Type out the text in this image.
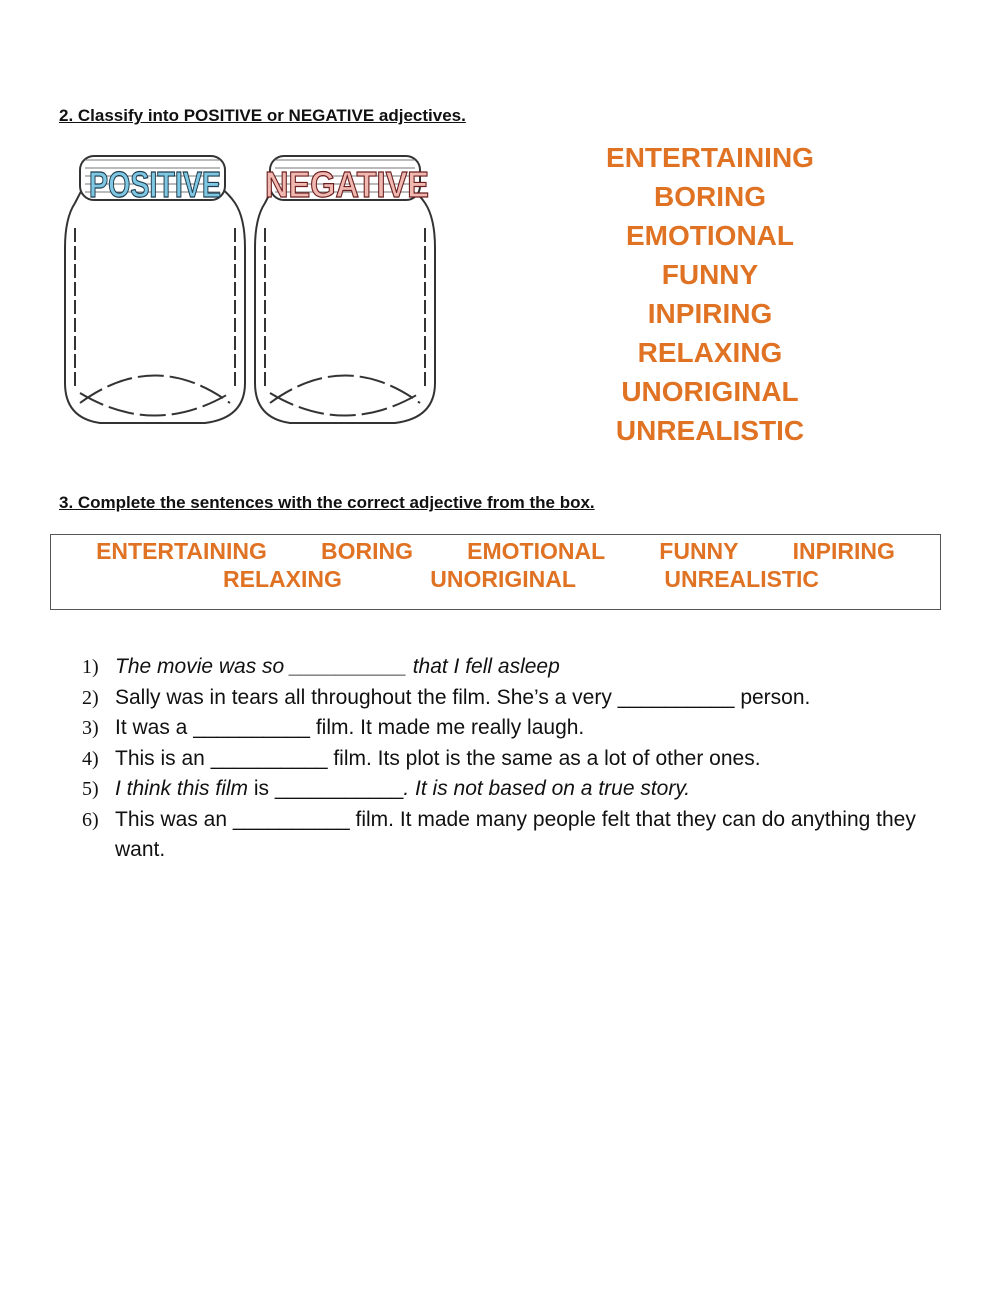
2. Classify into POSITIVE or NEGATIVE adjectives.
POSITIVE NEGATIVE
ENTERTAINING
BORING
EMOTIONAL
FUNNY
INPIRING
RELAXING
UNORIGINAL
UNREALISTIC
3. Complete the sentences with the correct adjective from the box.
ENTERTAINING BORING EMOTIONAL FUNNY INPIRING
RELAXING	UNORIGINAL	UNREALISTIC
1) The movie was so __________ that I fell asleep
2) Sally was in tears all throughout the film. She’s a very __________ person.
3) It was a __________ film. It made me really laugh.
4) This is an __________ film. Its plot is the same as a lot of other ones.
5) I think this film is ___________. It is not based on a true story.
6) This was an __________ film. It made many people felt that they can do anything they want.
